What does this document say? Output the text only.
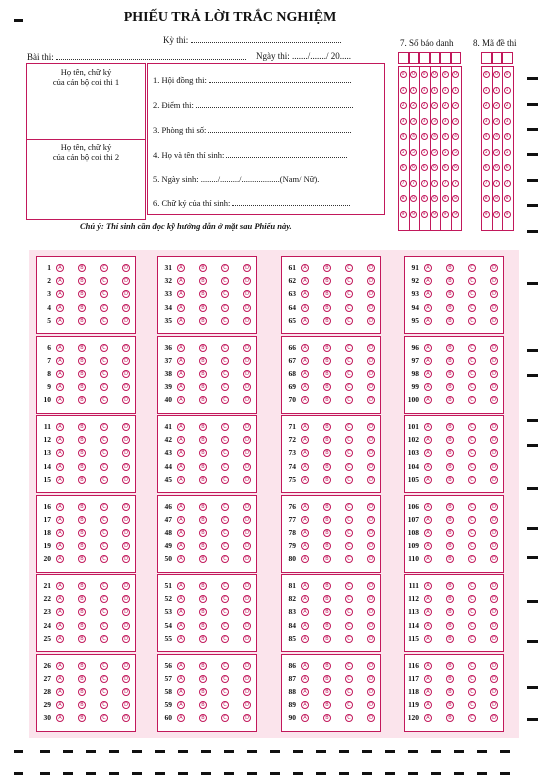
PHIẾU TRẢ LỜI TRẮC NGHIỆM
Kỳ thi:
Bài thi:	Ngày thi: ......./......./ 20.....
7. Số báo danh 8. Mã đề thi
Họ tên, chữ ký
của cán bộ coi thi 1
Họ tên, chữ ký
của cán bộ coi thi 2
1. Hội đồng thi:
2. Điểm thi:
3. Phòng thi số:
4. Họ và tên thí sinh:
5. Ngày sinh: ......../........./..................(Nam/ Nữ).
6. Chữ ký của thí sinh:
Chú ý: Thí sinh cần đọc kỹ hướng dẫn ở mặt sau Phiếu này.
0
1
2
3
4
5
6
7
8
9
0
1
2
3
4
5
6
7
8
9
0
1
2
3
4
5
6
7
8
9
0
1
2
3
4
5
6
7
8
9
0
1
2
3
4
5
6
7
8
9
0
1
2
3
4
5
6
7
8
9
0
1
2
3
4
5
6
7
8
9
0
1
2
3
4
5
6
7
8
9
0
1
2
3
4
5
6
7
8
9
1	A	B	C	D
2	A	B	C	D
3	A	B	C	D
4	A	B	C	D
5	A	B	C	D
6	A	B	C	D
7	A	B	C	D
8	A	B	C	D
9	A	B	C	D
10	A	B	C	D
11	A	B	C	D
12	A	B	C	D
13	A	B	C	D
14	A	B	C	D
15	A	B	C	D
16	A	B	C	D
17	A	B	C	D
18	A	B	C	D
19	A	B	C	D
20	A	B	C	D
21	A	B	C	D
22	A	B	C	D
23	A	B	C	D
24	A	B	C	D
25	A	B	C	D
26	A	B	C	D
27	A	B	C	D
28	A	B	C	D
29	A	B	C	D
30	A	B	C	D
31	A	B	C	D
32	A	B	C	D
33	A	B	C	D
34	A	B	C	D
35	A	B	C	D
36	A	B	C	D
37	A	B	C	D
38	A	B	C	D
39	A	B	C	D
40	A	B	C	D
41	A	B	C	D
42	A	B	C	D
43	A	B	C	D
44	A	B	C	D
45	A	B	C	D
46	A	B	C	D
47	A	B	C	D
48	A	B	C	D
49	A	B	C	D
50	A	B	C	D
51	A	B	C	D
52	A	B	C	D
53	A	B	C	D
54	A	B	C	D
55	A	B	C	D
56	A	B	C	D
57	A	B	C	D
58	A	B	C	D
59	A	B	C	D
60	A	B	C	D
61	A	B	C	D
62	A	B	C	D
63	A	B	C	D
64	A	B	C	D
65	A	B	C	D
66	A	B	C	D
67	A	B	C	D
68	A	B	C	D
69	A	B	C	D
70	A	B	C	D
71	A	B	C	D
72	A	B	C	D
73	A	B	C	D
74	A	B	C	D
75	A	B	C	D
76	A	B	C	D
77	A	B	C	D
78	A	B	C	D
79	A	B	C	D
80	A	B	C	D
81	A	B	C	D
82	A	B	C	D
83	A	B	C	D
84	A	B	C	D
85	A	B	C	D
86	A	B	C	D
87	A	B	C	D
88	A	B	C	D
89	A	B	C	D
90	A	B	C	D
91	A	B	C	D
92	A	B	C	D
93	A	B	C	D
94	A	B	C	D
95	A	B	C	D
96	A	B	C	D
97	A	B	C	D
98	A	B	C	D
99	A	B	C	D
100	A	B	C	D
101	A	B	C	D
102	A	B	C	D
103	A	B	C	D
104	A	B	C	D
105	A	B	C	D
106	A	B	C	D
107	A	B	C	D
108	A	B	C	D
109	A	B	C	D
110	A	B	C	D
111	A	B	C	D
112	A	B	C	D
113	A	B	C	D
114	A	B	C	D
115	A	B	C	D
116	A	B	C	D
117	A	B	C	D
118	A	B	C	D
119	A	B	C	D
120	A	B	C	D
